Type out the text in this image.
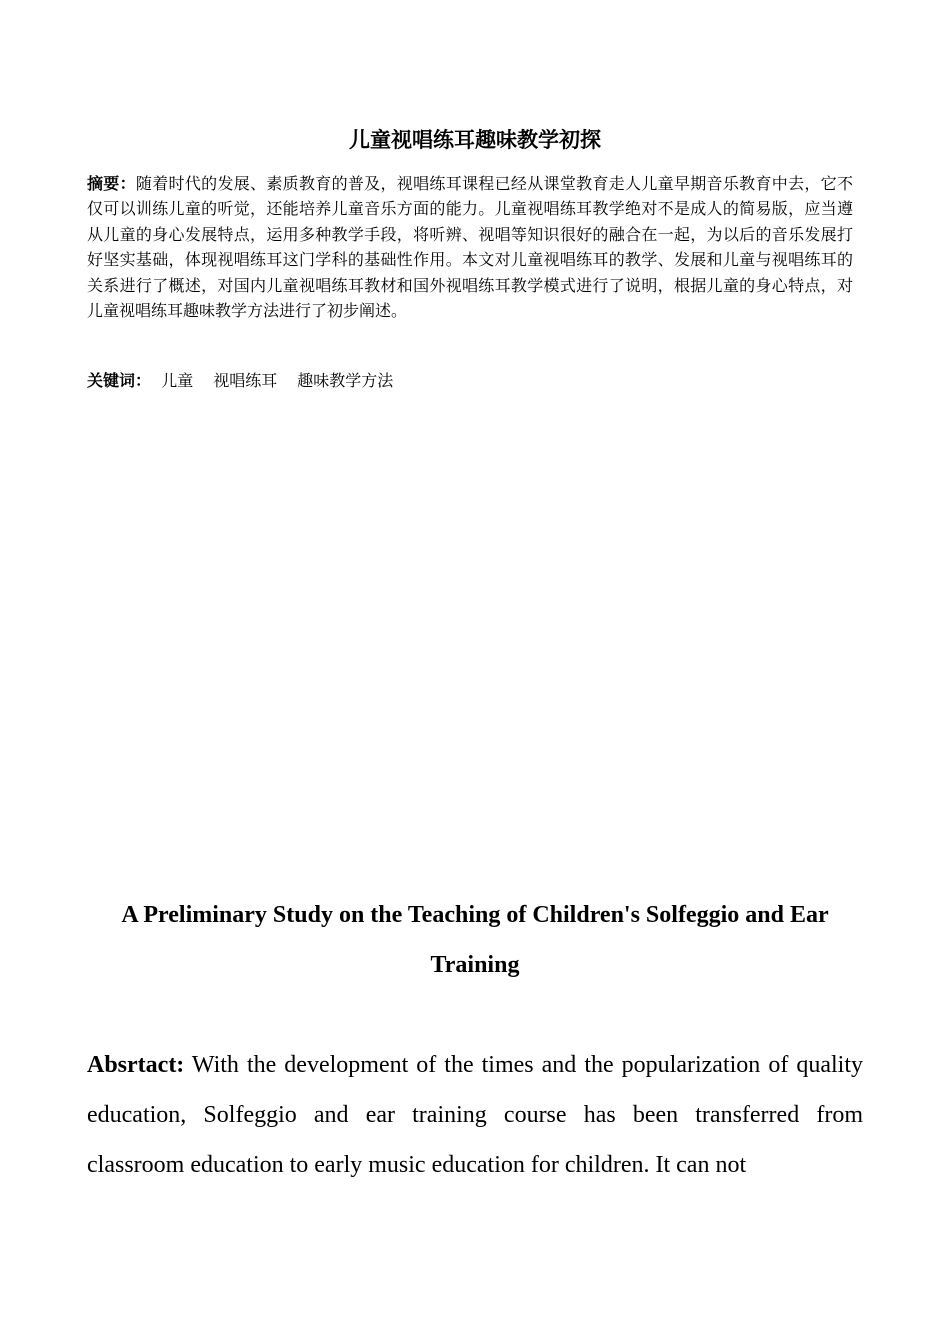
儿童视唱练耳趣味教学初探

摘要：随着时代的发展、素质教育的普及，视唱练耳课程已经从课堂教育走人儿童早期音乐教育中去，它不仅可以训练儿童的听觉，还能培养儿童音乐方面的能力。儿童视唱练耳教学绝对不是成人的简易版，应当遵从儿童的身心发展特点，运用多种教学手段，将听辨、视唱等知识很好的融合在一起，为以后的音乐发展打好坚实基础，体现视唱练耳这门学科的基础性作用。本文对儿童视唱练耳的教学、发展和儿童与视唱练耳的关系进行了概述，对国内儿童视唱练耳教材和国外视唱练耳教学模式进行了说明，根据儿童的身心特点，对儿童视唱练耳趣味教学方法进行了初步阐述。

关键词： 儿童 视唱练耳 趣味教学方法

A Preliminary Study on the Teaching of Children's Solfeggio and Ear Training

Absrtact: With the development of the times and the popularization of quality education, Solfeggio and ear training course has been transferred from classroom education to early music education for children. It can not
